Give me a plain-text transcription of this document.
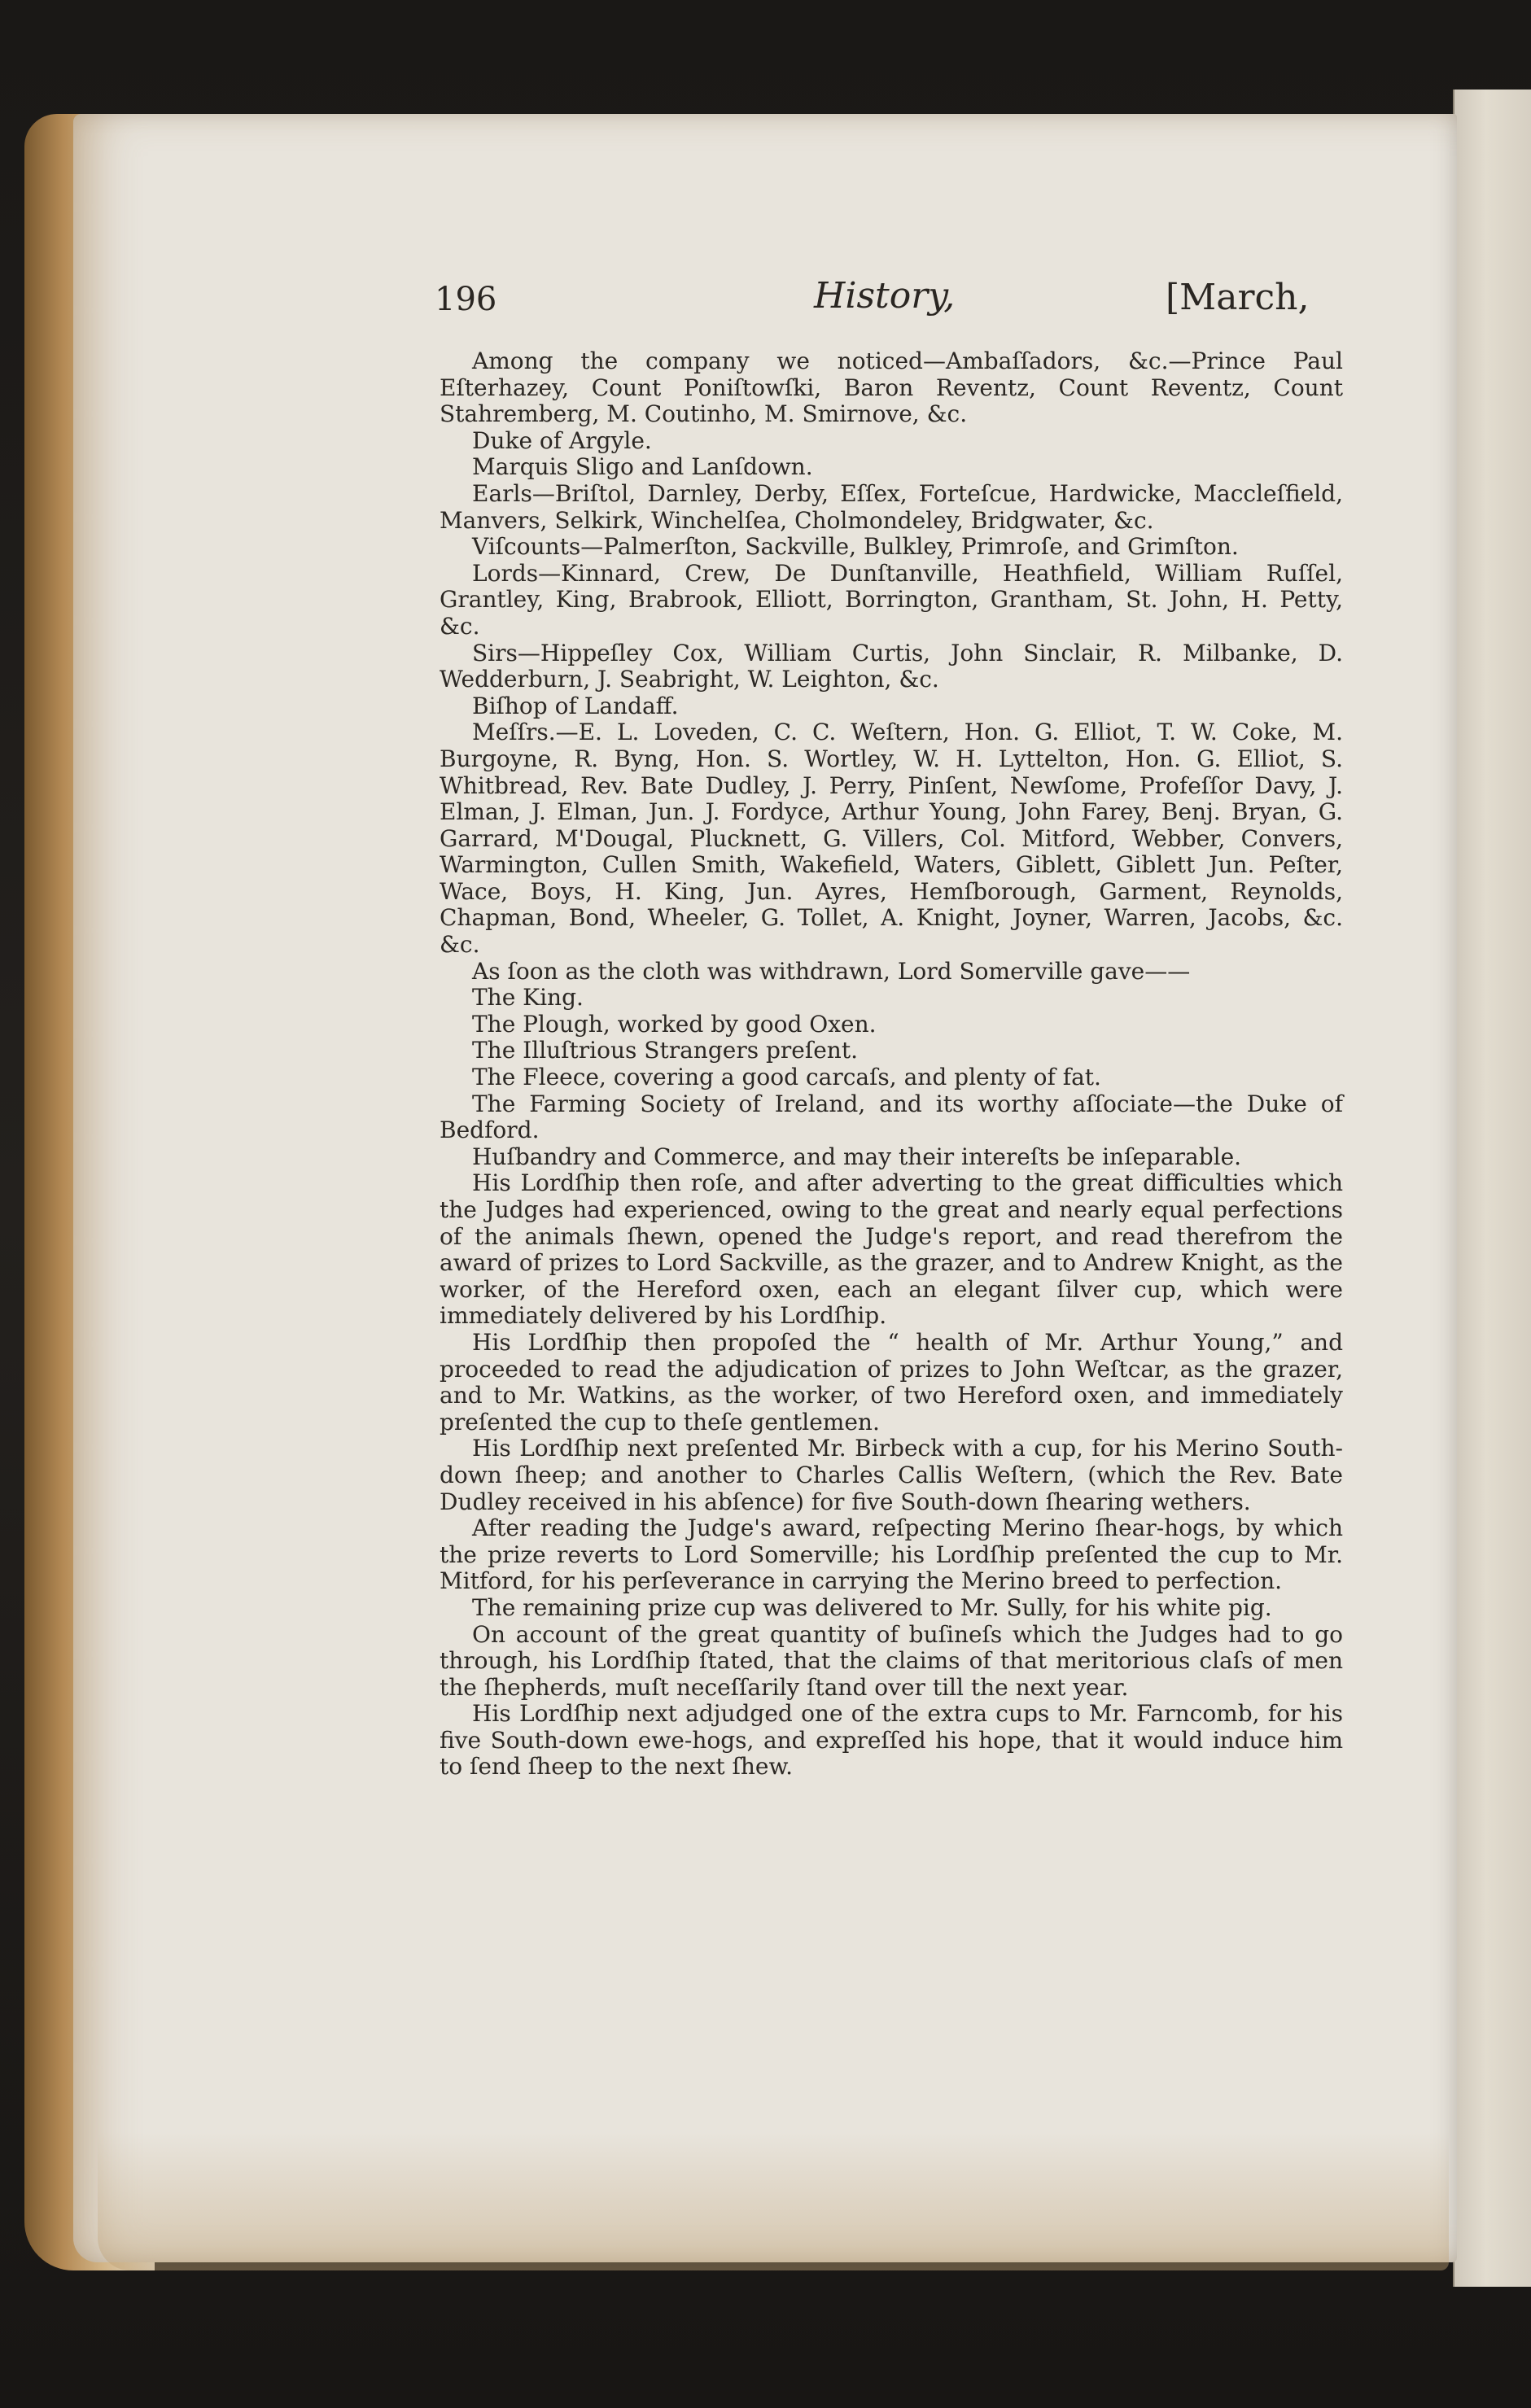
196	History,	[March,

Among the company we noticed—Ambaſſadors, &c.—Prince Paul Eſterhazey, Count Poniſtowſki, Baron Reventz, Count Reventz, Count Stahremberg, M. Coutinho, M. Smirnove, &c.

Duke of Argyle.

Marquis Sligo and Lanſdown.

Earls—Briſtol, Darnley, Derby, Eſſex, Forteſcue, Hardwicke, Maccleſfield, Manvers, Selkirk, Winchelſea, Cholmondeley, Bridgwater, &c.

Viſcounts—Palmerſton, Sackville, Bulkley, Primroſe, and Grimſton.

Lords—Kinnard, Crew, De Dunſtanville, Heathfield, William Ruſſel, Grantley, King, Brabrook, Elliott, Borrington, Grantham, St. John, H. Petty, &c.

Sirs—Hippeſley Cox, William Curtis, John Sinclair, R. Milbanke, D. Wedderburn, J. Seabright, W. Leighton, &c.

Biſhop of Landaff.

Meſſrs.—E. L. Loveden, C. C. Weſtern, Hon. G. Elliot, T. W. Coke, M. Burgoyne, R. Byng, Hon. S. Wortley, W. H. Lyttelton, Hon. G. Elliot, S. Whitbread, Rev. Bate Dudley, J. Perry, Pinſent, Newſome, Profeſſor Davy, J. Elman, J. Elman, Jun. J. Fordyce, Arthur Young, John Farey, Benj. Bryan, G. Garrard, M'Dougal, Plucknett, G. Villers, Col. Mitford, Webber, Convers, Warmington, Cullen Smith, Wakefield, Waters, Giblett, Giblett Jun. Peſter, Wace, Boys, H. King, Jun. Ayres, Hemſborough, Garment, Reynolds, Chapman, Bond, Wheeler, G. Tollet, A. Knight, Joyner, Warren, Jacobs, &c. &c.

As ſoon as the cloth was withdrawn, Lord Somerville gave——

The King.

The Plough, worked by good Oxen.

The Illuſtrious Strangers preſent.

The Fleece, covering a good carcaſs, and plenty of fat.

The Farming Society of Ireland, and its worthy aſſociate—the Duke of Bedford.

Huſbandry and Commerce, and may their intereſts be inſeparable.

His Lordſhip then roſe, and after adverting to the great difficulties which the Judges had experienced, owing to the great and nearly equal perfections of the animals ſhewn, opened the Judge's report, and read therefrom the award of prizes to Lord Sackville, as the grazer, and to Andrew Knight, as the worker, of the Hereford oxen, each an elegant ſilver cup, which were immediately delivered by his Lordſhip.

His Lordſhip then propoſed the “ health of Mr. Arthur Young,” and proceeded to read the adjudication of prizes to John Weſtcar, as the grazer, and to Mr. Watkins, as the worker, of two Hereford oxen, and immediately preſented the cup to theſe gentlemen.

His Lordſhip next preſented Mr. Birbeck with a cup, for his Merino South-down ſheep; and another to Charles Callis Weſtern, (which the Rev. Bate Dudley received in his abſence) for five South-down ſhearing wethers.

After reading the Judge's award, reſpecting Merino ſhear-hogs, by which the prize reverts to Lord Somerville; his Lordſhip preſented the cup to Mr. Mitford, for his perſeverance in carrying the Merino breed to perfection.

The remaining prize cup was delivered to Mr. Sully, for his white pig.

On account of the great quantity of buſineſs which the Judges had to go through, his Lordſhip ſtated, that the claims of that meritorious claſs of men the ſhepherds, muſt neceſſarily ſtand over till the next year.

His Lordſhip next adjudged one of the extra cups to Mr. Farncomb, for his five South-down ewe-hogs, and expreſſed his hope, that it would induce him to ſend ſheep to the next ſhew.
